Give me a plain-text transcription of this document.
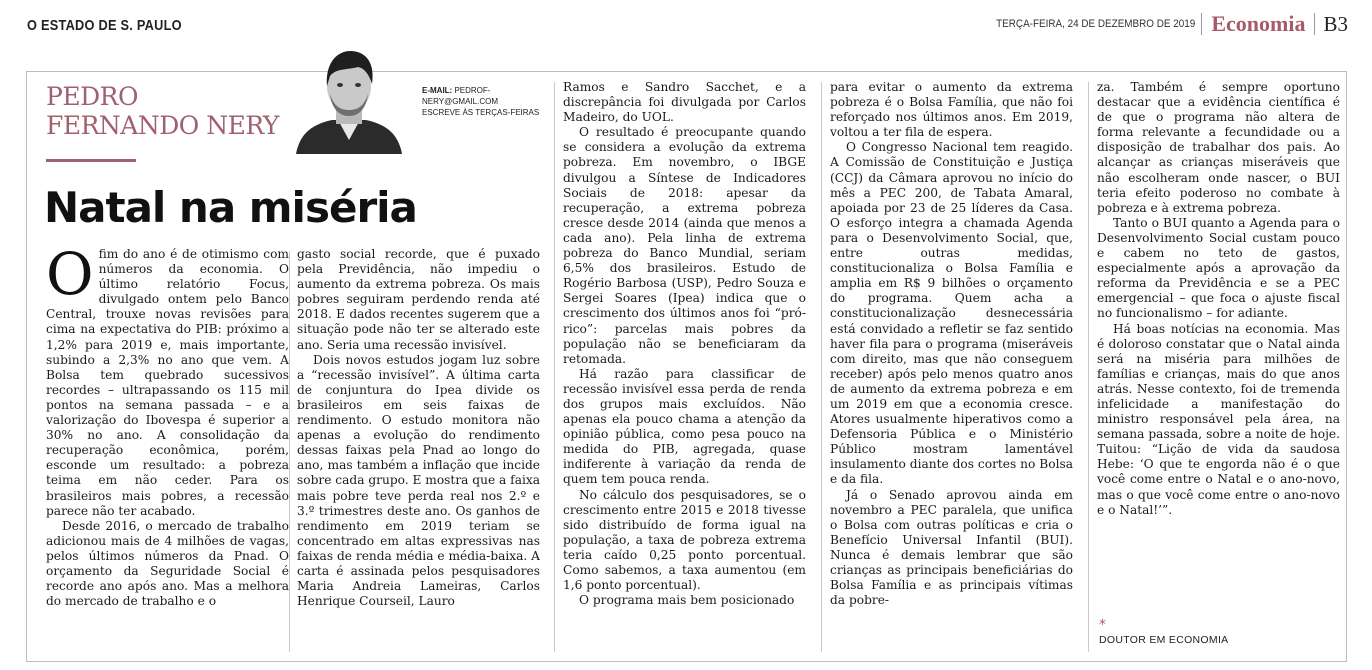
O ESTADO DE S. PAULO	TERÇA-FEIRA, 24 DE DEZEMBRO DE 2019 Economia B3
PEDRO
FERNANDO NERY
E-MAIL: PEDROF-
NERY@GMAIL.COM
ESCREVE ÀS TERÇAS-FEIRAS
Natal na miséria

Ofim do ano é de otimismo com números da economia. O último relatório Focus, divulgado ontem pelo Banco Central, trouxe novas revisões para cima na expectativa do PIB: próximo a 1,2% para 2019 e, mais importante, subindo a 2,3% no ano que vem. A Bolsa tem quebrado sucessivos recordes – ultrapassando os 115 mil pontos na semana passada – e a valorização do Ibovespa é superior a 30% no ano. A consolidação da recuperação econômica, porém, esconde um resultado: a pobreza teima em não ceder. Para os brasileiros mais pobres, a recessão parece não ter acabado.

Desde 2016, o mercado de trabalho adicionou mais de 4 milhões de vagas, pelos últimos números da Pnad. O orçamento da Seguridade Social é recorde ano após ano. Mas a melhora do mercado de trabalho e o

gasto social recorde, que é puxado pela Previdência, não impediu o aumento da extrema pobreza. Os mais pobres seguiram perdendo renda até 2018. E dados recentes sugerem que a situação pode não ter se alterado este ano. Seria uma recessão invisível.

Dois novos estudos jogam luz sobre a “recessão invisível”. A última carta de conjuntura do Ipea divide os brasileiros em seis faixas de rendimento. O estudo monitora não apenas a evolução do rendimento dessas faixas pela Pnad ao longo do ano, mas também a inflação que incide sobre cada grupo. E mostra que a faixa mais pobre teve perda real nos 2.º e 3.º trimestres deste ano. Os ganhos de rendimento em 2019 teriam se concentrado em altas expressivas nas faixas de renda média e média-baixa. A carta é assinada pelos pesquisadores Maria Andreia Lameiras, Carlos Henrique Courseil, Lauro

Ramos e Sandro Sacchet, e a discrepância foi divulgada por Carlos Madeiro, do UOL.

O resultado é preocupante quando se considera a evolução da extrema pobreza. Em novembro, o IBGE divulgou a Síntese de Indicadores Sociais de 2018: apesar da recuperação, a extrema pobreza cresce desde 2014 (ainda que menos a cada ano). Pela linha de extrema pobreza do Banco Mundial, seriam 6,5% dos brasileiros. Estudo de Rogério Barbosa (USP), Pedro Souza e Sergei Soares (Ipea) indica que o crescimento dos últimos anos foi “pró-rico”: parcelas mais pobres da população não se beneficiaram da retomada.

Há razão para classificar de recessão invisível essa perda de renda dos grupos mais excluídos. Não apenas ela pouco chama a atenção da opinião pública, como pesa pouco na medida do PIB, agregada, quase indiferente à variação da renda de quem tem pouca renda.

No cálculo dos pesquisadores, se o crescimento entre 2015 e 2018 tivesse sido distribuído de forma igual na população, a taxa de pobreza extrema teria caído 0,25 ponto porcentual. Como sabemos, a taxa aumentou (em 1,6 ponto porcentual).

O programa mais bem posicionado

para evitar o aumento da extrema pobreza é o Bolsa Família, que não foi reforçado nos últimos anos. Em 2019, voltou a ter fila de espera.

O Congresso Nacional tem reagido. A Comissão de Constituição e Justiça (CCJ) da Câmara aprovou no início do mês a PEC 200, de Tabata Amaral, apoiada por 23 de 25 líderes da Casa. O esforço integra a chamada Agenda para o Desenvolvimento Social, que, entre outras medidas, constitucionaliza o Bolsa Família e amplia em R$ 9 bilhões o orçamento do programa. Quem acha a constitucionalização desnecessária está convidado a refletir se faz sentido haver fila para o programa (miseráveis com direito, mas que não conseguem receber) após pelo menos quatro anos de aumento da extrema pobreza e em um 2019 em que a economia cresce. Atores usualmente hiperativos como a Defensoria Pública e o Ministério Público mostram lamentável insulamento diante dos cortes no Bolsa e da fila.

Já o Senado aprovou ainda em novembro a PEC paralela, que unifica o Bolsa com outras políticas e cria o Benefício Universal Infantil (BUI). Nunca é demais lembrar que são crianças as principais beneficiárias do Bolsa Família e as principais vítimas da pobre-

za. Também é sempre oportuno destacar que a evidência científica é de que o programa não altera de forma relevante a fecundidade ou a disposição de trabalhar dos pais. Ao alcançar as crianças miseráveis que não escolheram onde nascer, o BUI teria efeito poderoso no combate à pobreza e à extrema pobreza.

Tanto o BUI quanto a Agenda para o Desenvolvimento Social custam pouco e cabem no teto de gastos, especialmente após a aprovação da reforma da Previdência e se a PEC emergencial – que foca o ajuste fiscal no funcionalismo – for adiante.

Há boas notícias na economia. Mas é doloroso constatar que o Natal ainda será na miséria para milhões de famílias e crianças, mais do que anos atrás. Nesse contexto, foi de tremenda infelicidade a manifestação do ministro responsável pela área, na semana passada, sobre a noite de hoje. Tuitou: “Lição de vida da saudosa Hebe: ‘O que te engorda não é o que você come entre o Natal e o ano-novo, mas o que você come entre o ano-novo e o Natal!’”.

*
DOUTOR EM ECONOMIA
